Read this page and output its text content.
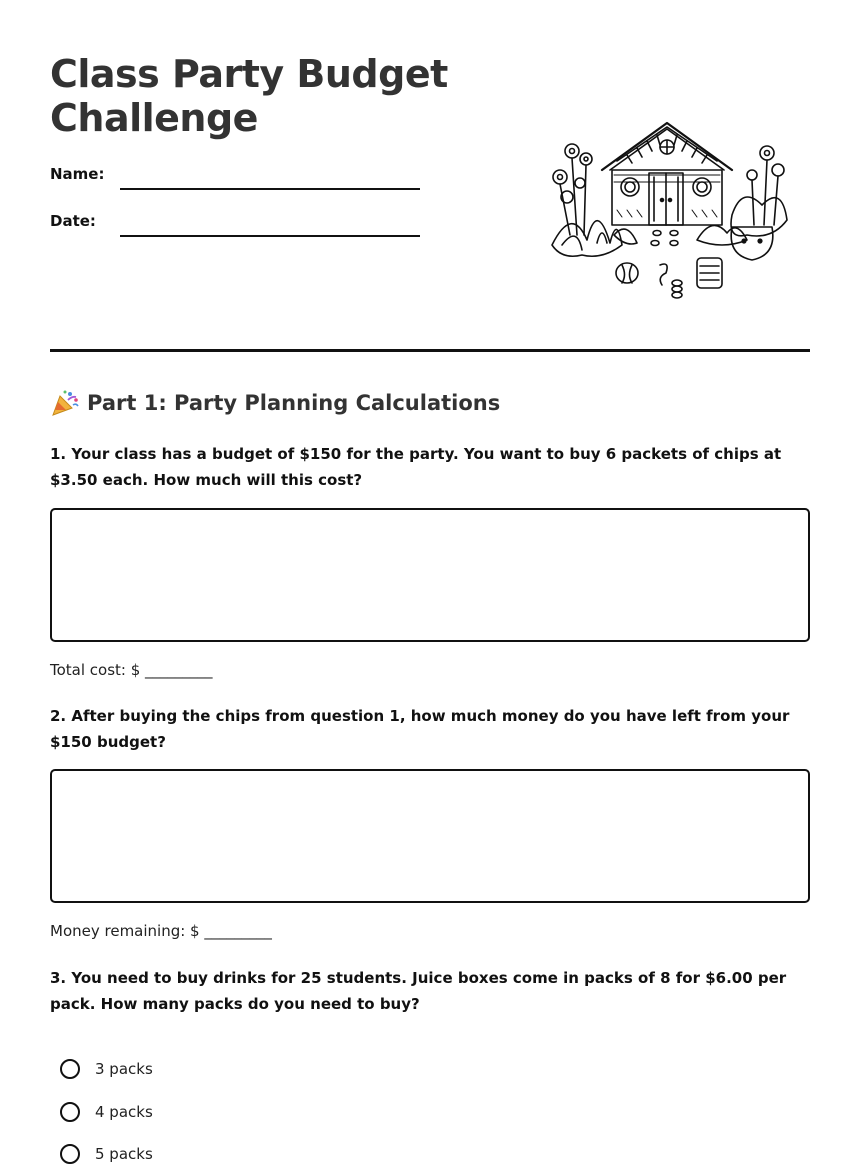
Class Party Budget Challenge
Name:
Date:
Part 1: Party Planning Calculations

1. Your class has a budget of $150 for the party. You want to buy 6 packets of chips at $3.50 each. How much will this cost?

Total cost: $ _________

2. After buying the chips from question 1, how much money do you have left from your $150 budget?

Money remaining: $ _________

3. You need to buy drinks for 25 students. Juice boxes come in packs of 8 for $6.00 per pack. How many packs do you need to buy?

3 packs
4 packs
5 packs
